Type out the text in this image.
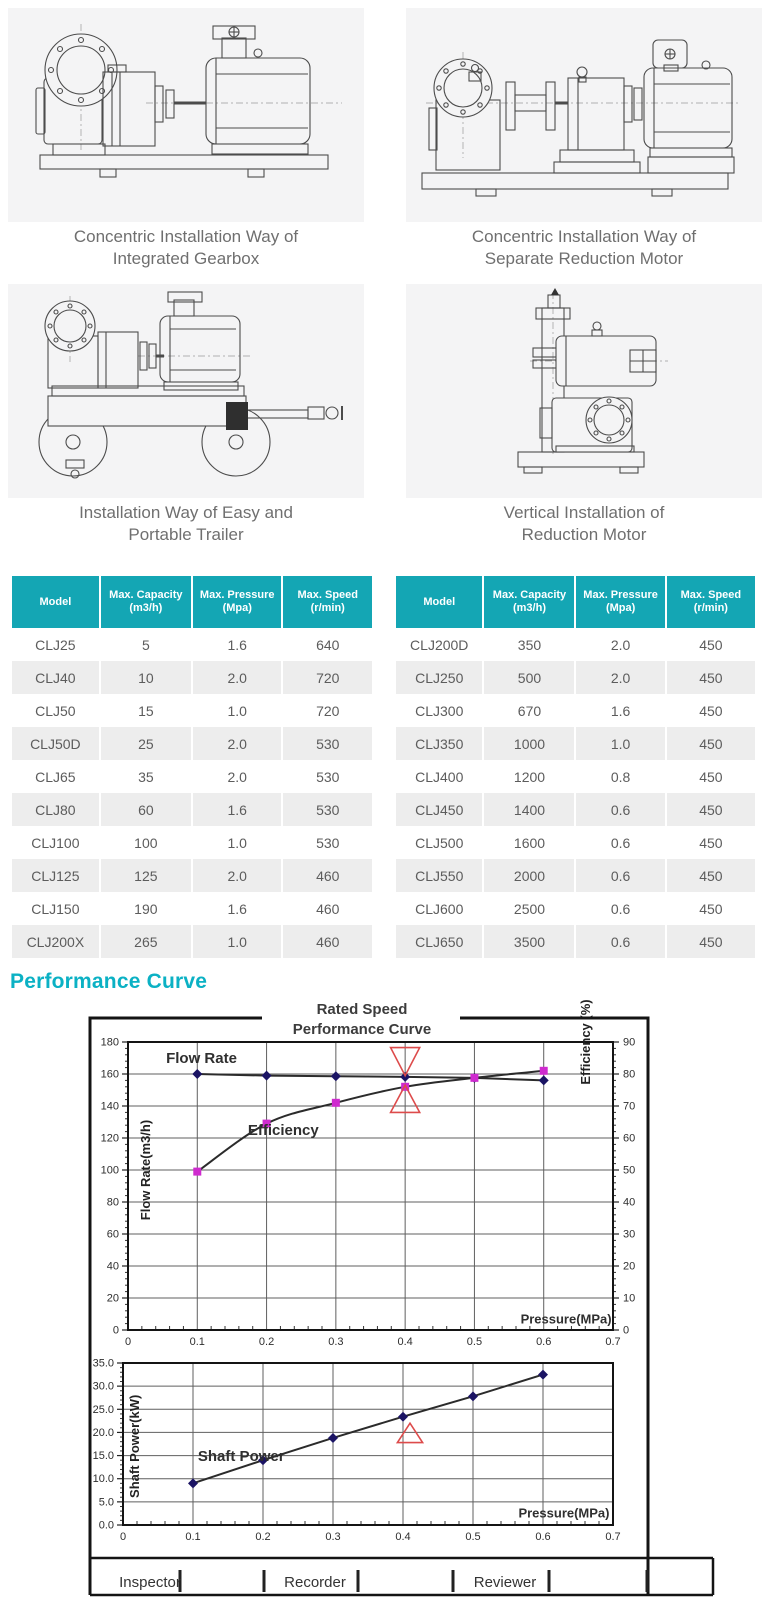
Concentric Installation Way of
Integrated Gearbox
Concentric Installation Way of
Separate Reduction Motor
Installation Way of Easy and
Portable Trailer
Vertical Installation of
Reduction Motor
Model

Max. Capacity
(m3/h)

Max. Pressure
(Mpa)

Max. Speed
(r/min)

CLJ25	5	1.6	640
CLJ40	10	2.0	720
CLJ50	15	1.0	720
CLJ50D	25	2.0	530
CLJ65	35	2.0	530
CLJ80	60	1.6	530
CLJ100	100	1.0	530
CLJ125	125	2.0	460
CLJ150	190	1.6	460
CLJ200X	265	1.0	460
Model

Max. Capacity
(m3/h)

Max. Pressure
(Mpa)

Max. Speed
(r/min)

CLJ200D	350	2.0	450
CLJ250	500	2.0	450
CLJ300	670	1.6	450
CLJ350	1000	1.0	450
CLJ400	1200	0.8	450
CLJ450	1400	0.6	450
CLJ500	1600	0.6	450
CLJ550	2000	0.6	450
CLJ600	2500	0.6	450
CLJ650	3500	0.6	450
Performance Curve
0
20
40
60
80
100
120
140
160
180
0
10
20
30
40
50
60
70
80
90
0	0.1	0.2	0.3	0.4	0.5	0.6	0.7
Flow Rate(m3/h)
Efficiency (%)
Flow Rate
Efficiency
Pressure(MPa)
0.0
5.0
10.0
15.0
20.0
25.0
30.0
35.0
0	0.1	0.2	0.3	0.4	0.5	0.6	0.7
Shaft Power(kW)	Shaft Power
Pressure(MPa)
Rated Speed
Performance Curve
Inspector	Recorder	Reviewer
